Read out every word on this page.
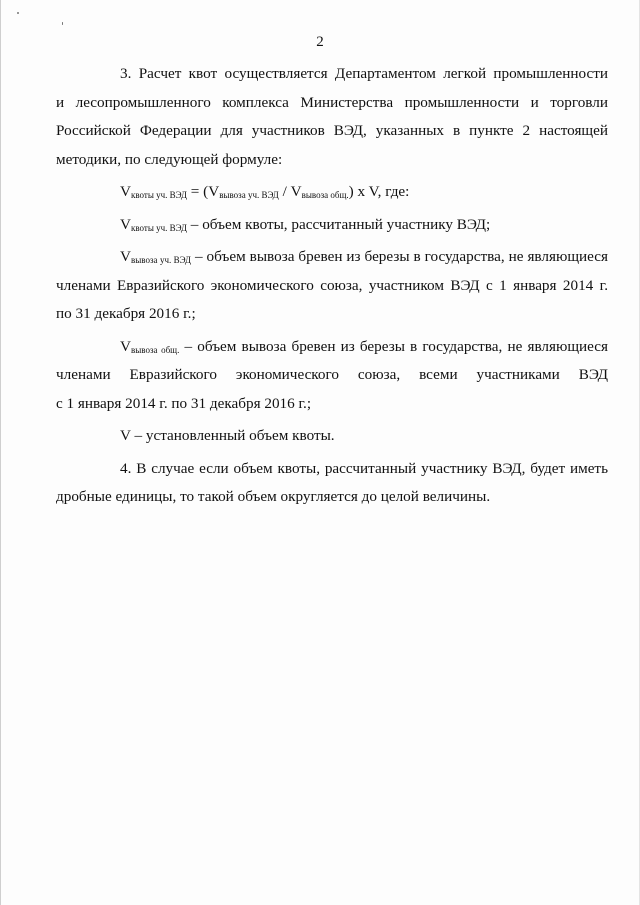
2
3. Расчет квот осуществляется Департаментом легкой промышленности
и лесопромышленного комплекса Министерства промышленности и торговли
Российской Федерации для участников ВЭД, указанных в пункте 2 настоящей
методики, по следующей формуле:
$V_{квоты уч. ВЭД} = (V_{вывоза уч. ВЭД} / V_{вывоза общ.})$ x V, где:
$V_{квоты уч. ВЭД}$ – объем квоты, рассчитанный участнику ВЭД;
$V_{вывоза уч. ВЭД}$ – объем вывоза бревен из березы в государства, не являющиеся
членами Евразийского экономического союза, участником ВЭД с 1 января 2014 г.
по 31 декабря 2016 г.;
$V_{вывоза общ.}$ – объем вывоза бревен из березы в государства, не являющиеся
членами Евразийского экономического союза, всеми участниками ВЭД
с 1 января 2014 г. по 31 декабря 2016 г.;
V – установленный объем квоты.
4. В случае если объем квоты, рассчитанный участнику ВЭД, будет иметь
дробные единицы, то такой объем округляется до целой величины.
